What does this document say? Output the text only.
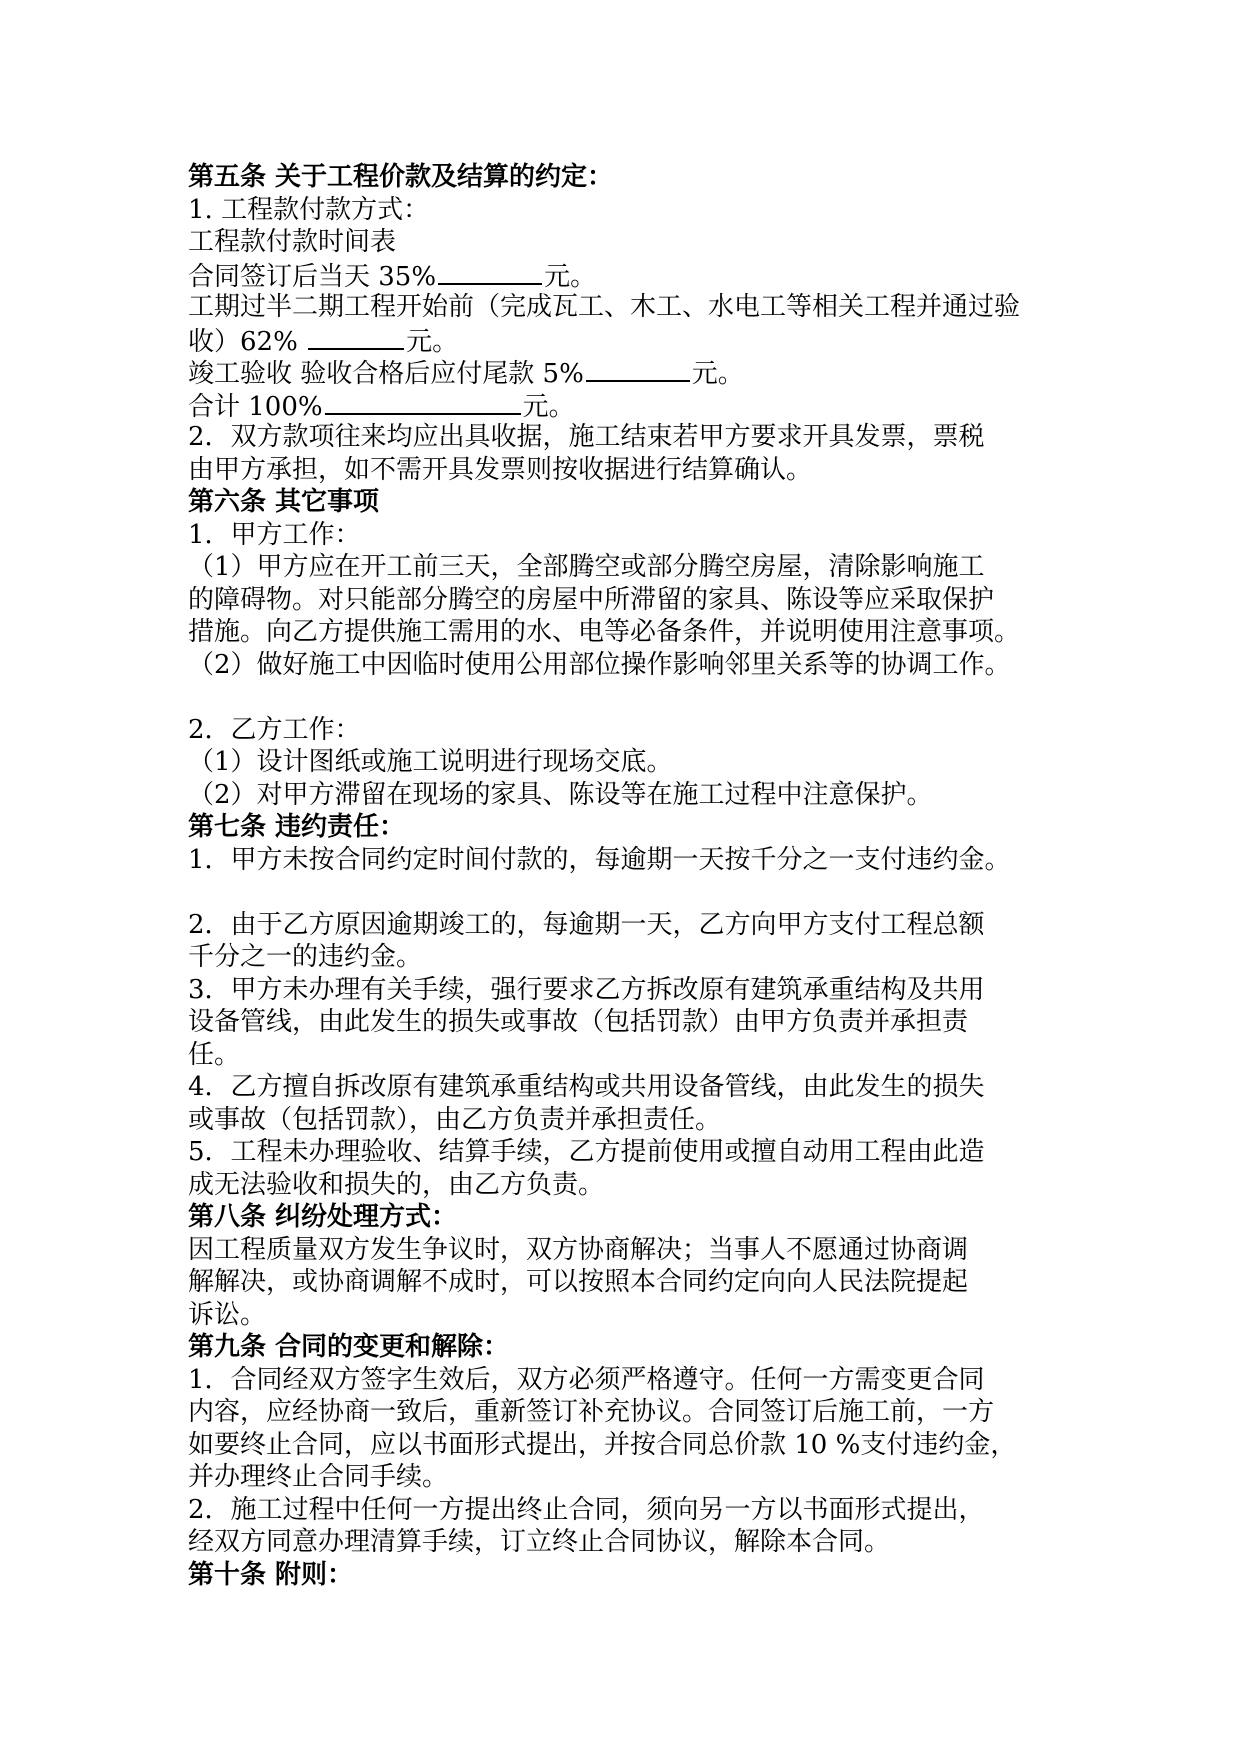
第五条 关于工程价款及结算的约定：
1. 工程款付款方式：
工程款付款时间表
合同签订后当天 35%	元。
工期过半二期工程开始前（完成瓦工、木工、水电工等相关工程并通过验
收）62%	元。
竣工验收 验收合格后应付尾款 5%	元。
合计 100%	元。
2．双方款项往来均应出具收据，施工结束若甲方要求开具发票，票税
由甲方承担，如不需开具发票则按收据进行结算确认。
第六条 其它事项
1．甲方工作：
（1）甲方应在开工前三天，全部腾空或部分腾空房屋，清除影响施工
的障碍物。对只能部分腾空的房屋中所滞留的家具、陈设等应采取保护
措施。向乙方提供施工需用的水、电等必备条件，并说明使用注意事项。
（2）做好施工中因临时使用公用部位操作影响邻里关系等的协调工作。
2．乙方工作：
（1）设计图纸或施工说明进行现场交底。
（2）对甲方滞留在现场的家具、陈设等在施工过程中注意保护。
第七条 违约责任：
1．甲方未按合同约定时间付款的，每逾期一天按千分之一支付违约金。
2．由于乙方原因逾期竣工的，每逾期一天，乙方向甲方支付工程总额
千分之一的违约金。
3．甲方未办理有关手续，强行要求乙方拆改原有建筑承重结构及共用
设备管线，由此发生的损失或事故（包括罚款）由甲方负责并承担责
任。
4．乙方擅自拆改原有建筑承重结构或共用设备管线，由此发生的损失
或事故（包括罚款），由乙方负责并承担责任。
5．工程未办理验收、结算手续，乙方提前使用或擅自动用工程由此造
成无法验收和损失的，由乙方负责。
第八条 纠纷处理方式：
因工程质量双方发生争议时，双方协商解决；当事人不愿通过协商调
解解决，或协商调解不成时，可以按照本合同约定向向人民法院提起
诉讼。
第九条 合同的变更和解除：
1．合同经双方签字生效后，双方必须严格遵守。任何一方需变更合同
内容，应经协商一致后，重新签订补充协议。合同签订后施工前，一方
如要终止合同，应以书面形式提出，并按合同总价款 10 %支付违约金，
并办理终止合同手续。
2．施工过程中任何一方提出终止合同，须向另一方以书面形式提出，
经双方同意办理清算手续，订立终止合同协议，解除本合同。
第十条 附则：
